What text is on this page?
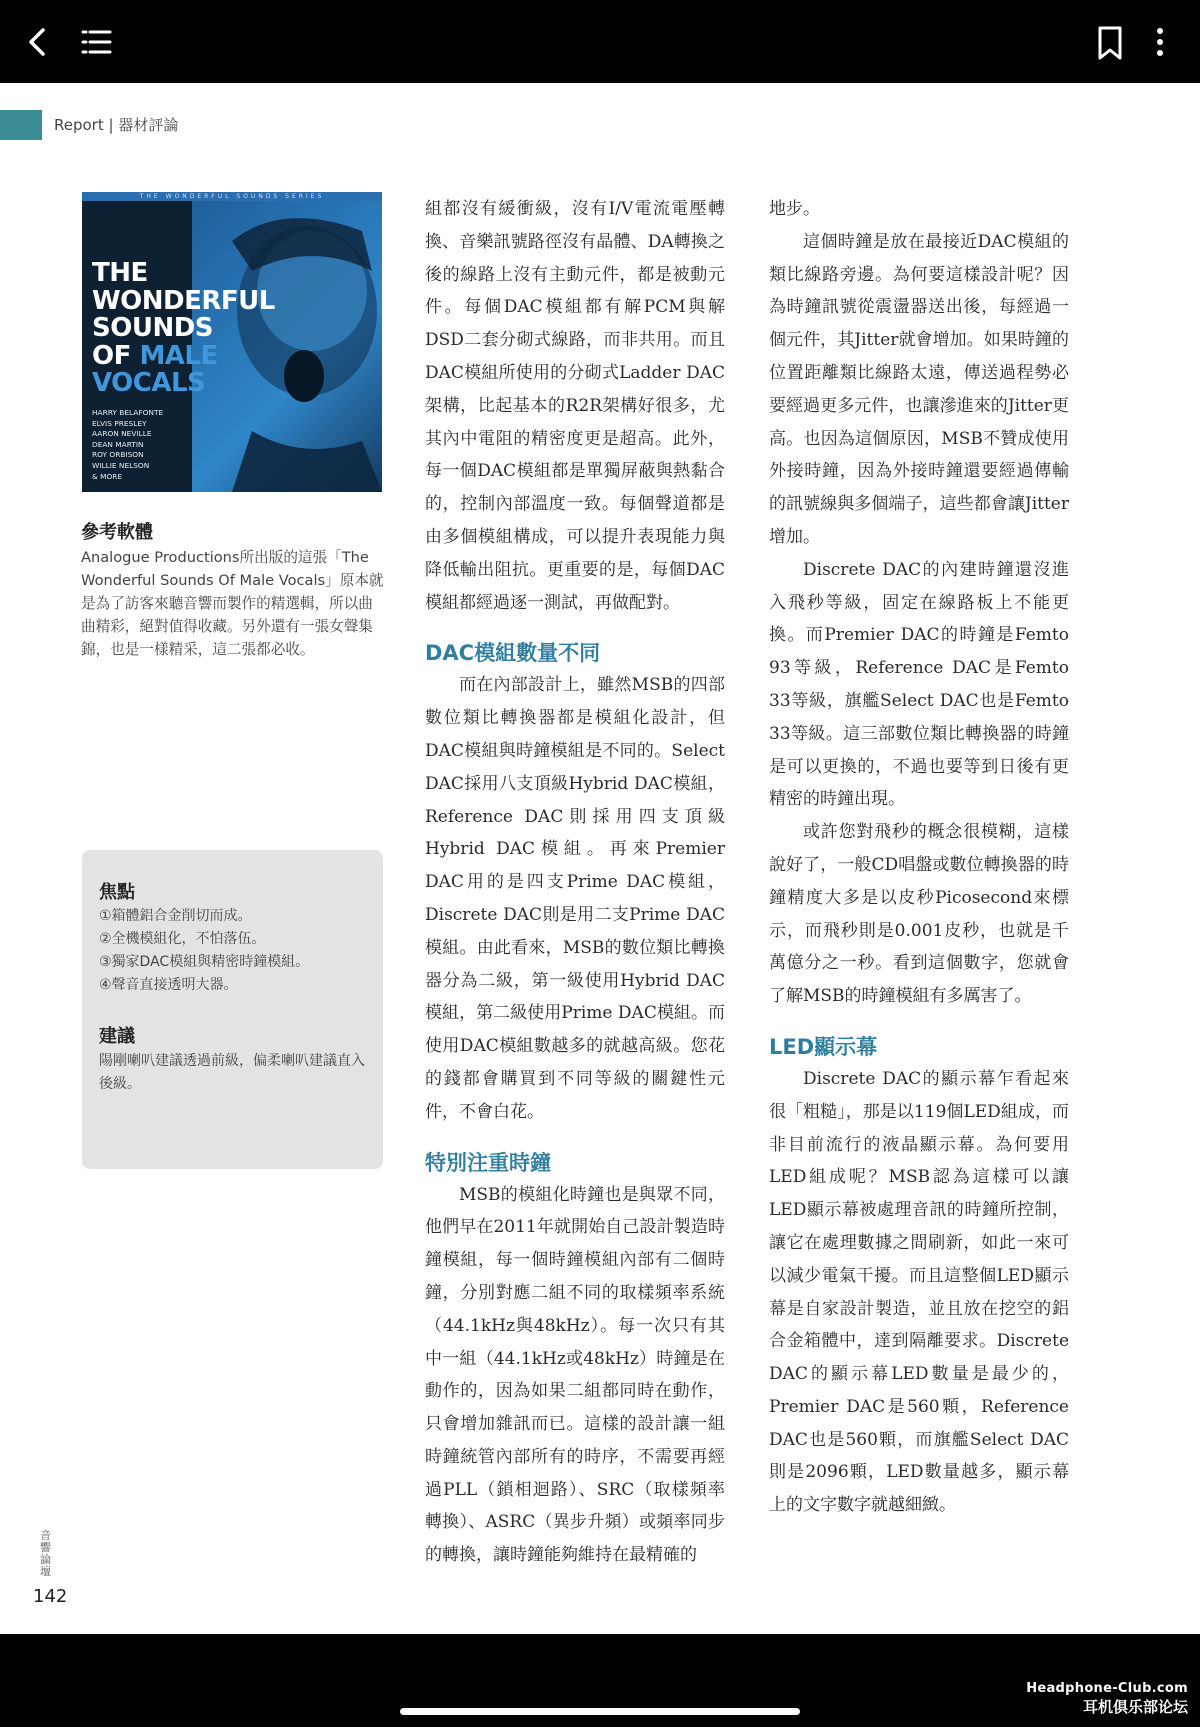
Report | 器材評論
THE WONDERFUL SOUNDS SERIES
THE
WONDERFUL
SOUNDS
OF MALE
VOCALS
HARRY BELAFONTE
ELVIS PRESLEY
AARON NEVILLE
DEAN MARTIN
ROY ORBISON
WILLIE NELSON
& MORE
參考軟體
Analogue Productions所出版的這張「The Wonderful Sounds Of Male Vocals」原本就是為了訪客來聽音響而製作的精選輯，所以曲曲精彩，絕對值得收藏。另外還有一張女聲集錦，也是一樣精采，這二張都必收。
焦點
①箱體鋁合金削切而成。
②全機模組化，不怕落伍。
③獨家DAC模組與精密時鐘模組。
④聲音直接透明大器。
建議
陽剛喇叭建議透過前級，偏柔喇叭建議直入後級。
音響論壇
142

組都沒有緩衝級，沒有I/V電流電壓轉換、音樂訊號路徑沒有晶體、DA轉換之後的線路上沒有主動元件，都是被動元件。每個DAC模組都有解PCM與解DSD二套分砌式線路，而非共用。而且DAC模組所使用的分砌式Ladder DAC架構，比起基本的R2R架構好很多，尤其內中電阻的精密度更是超高。此外，每一個DAC模組都是單獨屏蔽與熱黏合的，控制內部溫度一致。每個聲道都是由多個模組構成，可以提升表現能力與降低輸出阻抗。更重要的是，每個DAC模組都經過逐一測試，再做配對。

DAC模組數量不同

而在內部設計上，雖然MSB的四部數位類比轉換器都是模組化設計，但DAC模組與時鐘模組是不同的。Select DAC採用八支頂級Hybrid DAC模組，Reference DAC則採用四支頂級Hybrid DAC模組。再來Premier DAC用的是四支Prime DAC模組，Discrete DAC則是用二支Prime DAC模組。由此看來，MSB的數位類比轉換器分為二級，第一級使用Hybrid DAC模組，第二級使用Prime DAC模組。而使用DAC模組數越多的就越高級。您花的錢都會購買到不同等級的關鍵性元件，不會白花。

特別注重時鐘

MSB的模組化時鐘也是與眾不同，他們早在2011年就開始自己設計製造時鐘模組，每一個時鐘模組內部有二個時鐘，分別對應二組不同的取樣頻率系統（44.1kHz與48kHz）。每一次只有其中一組（44.1kHz或48kHz）時鐘是在動作的，因為如果二組都同時在動作，只會增加雜訊而已。這樣的設計讓一組時鐘統管內部所有的時序，不需要再經過PLL（鎖相迴路）、SRC（取樣頻率轉換）、ASRC（異步升頻）或頻率同步的轉換，讓時鐘能夠維持在最精確的

地步。

這個時鐘是放在最接近DAC模組的類比線路旁邊。為何要這樣設計呢？因為時鐘訊號從震盪器送出後，每經過一個元件，其Jitter就會增加。如果時鐘的位置距離類比線路太遠，傳送過程勢必要經過更多元件，也讓滲進來的Jitter更高。也因為這個原因，MSB不贊成使用外接時鐘，因為外接時鐘還要經過傳輸的訊號線與多個端子，這些都會讓Jitter增加。

Discrete DAC的內建時鐘還沒進入飛秒等級，固定在線路板上不能更換。而Premier DAC的時鐘是Femto 93等級，Reference DAC是Femto 33等級，旗艦Select DAC也是Femto 33等級。這三部數位類比轉換器的時鐘是可以更換的，不過也要等到日後有更精密的時鐘出現。

或許您對飛秒的概念很模糊，這樣說好了，一般CD唱盤或數位轉換器的時鐘精度大多是以皮秒Picosecond來標示，而飛秒則是0.001皮秒，也就是千萬億分之一秒。看到這個數字，您就會了解MSB的時鐘模組有多厲害了。

LED顯示幕

Discrete DAC的顯示幕乍看起來很「粗糙」，那是以119個LED組成，而非目前流行的液晶顯示幕。為何要用LED組成呢？MSB認為這樣可以讓LED顯示幕被處理音訊的時鐘所控制，讓它在處理數據之間刷新，如此一來可以減少電氣干擾。而且這整個LED顯示幕是自家設計製造，並且放在挖空的鋁合金箱體中，達到隔離要求。Discrete DAC的顯示幕LED數量是最少的，Premier DAC是560顆，Reference DAC也是560顆，而旗艦Select DAC則是2096顆，LED數量越多，顯示幕上的文字數字就越細緻。

Headphone-Club.com
耳机俱乐部论坛
